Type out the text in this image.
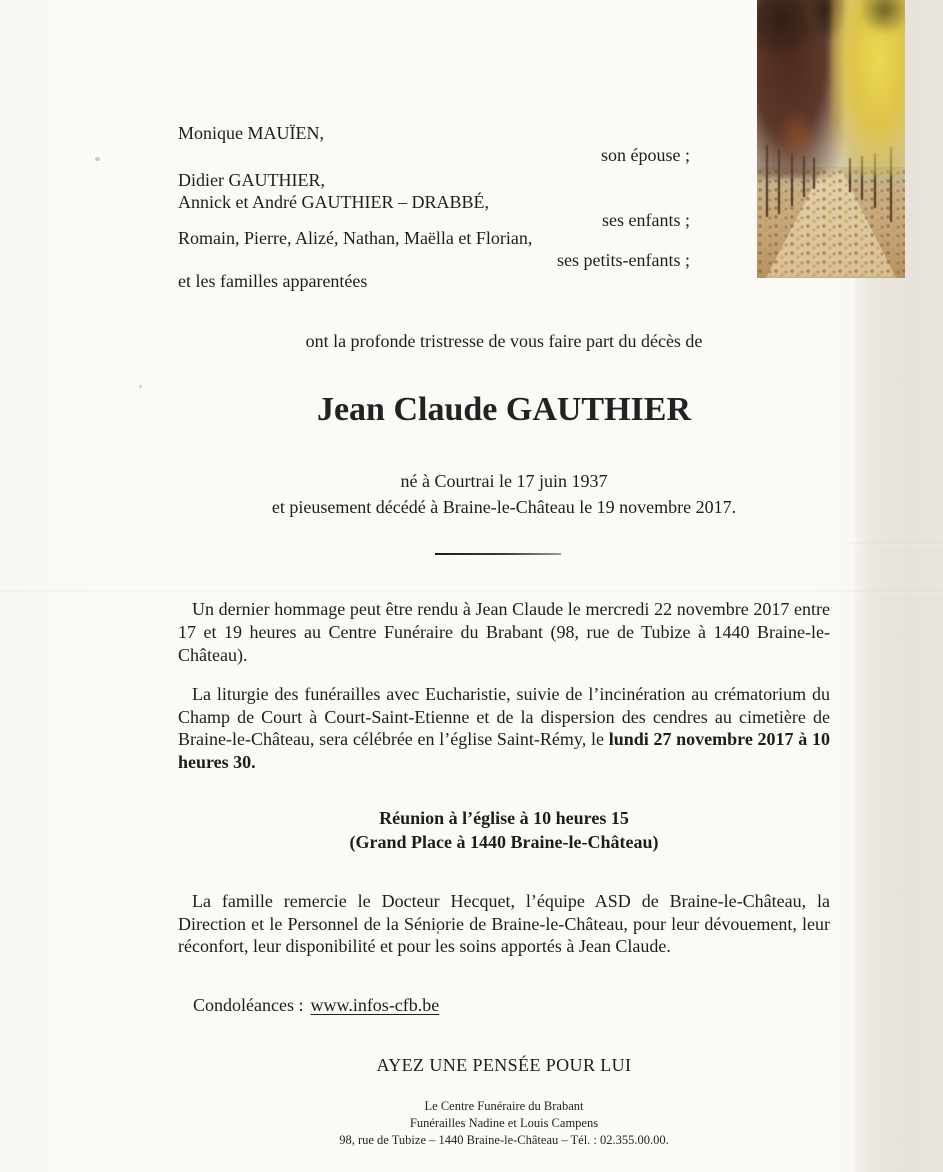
Monique MAUÏEN,
son épouse ;
Didier GAUTHIER,
Annick et André GAUTHIER – DRABBÉ,
ses enfants ;
Romain, Pierre, Alizé, Nathan, Maëlla et Florian,
ses petits-enfants ;
et les familles apparentées
ont la profonde tristresse de vous faire part du décès de
Jean Claude GAUTHIER
né à Courtrai le 17 juin 1937
et pieusement décédé à Braine-le-Château le 19 novembre 2017.

Un dernier hommage peut être rendu à Jean Claude le mercredi 22 novembre 2017 entre 17 et 19 heures au Centre Funéraire du Brabant (98, rue de Tubize à 1440 Braine-le-Château).

La liturgie des funérailles avec Eucharistie, suivie de l’incinération au crématorium du Champ de Court à Court-Saint-Etienne et de la dispersion des cendres au cimetière de Braine-le-Château, sera célébrée en l’église Saint-Rémy, le lundi 27 novembre 2017 à 10 heures 30.

Réunion à l’église à 10 heures 15
(Grand Place à 1440 Braine-le-Château)

La famille remercie le Docteur Hecquet, l’équipe ASD de Braine-le-Château, la Direction et le Personnel de la Séniorie de Braine-le-Château, pour leur dévouement, leur réconfort, leur disponibilité et pour les soins apportés à Jean Claude.

Condoléances : www.infos-cfb.be
AYEZ UNE PENSÉE POUR LUI
Le Centre Funéraire du Brabant
Funérailles Nadine et Louis Campens
98, rue de Tubize – 1440 Braine-le-Château – Tél. : 02.355.00.00.
